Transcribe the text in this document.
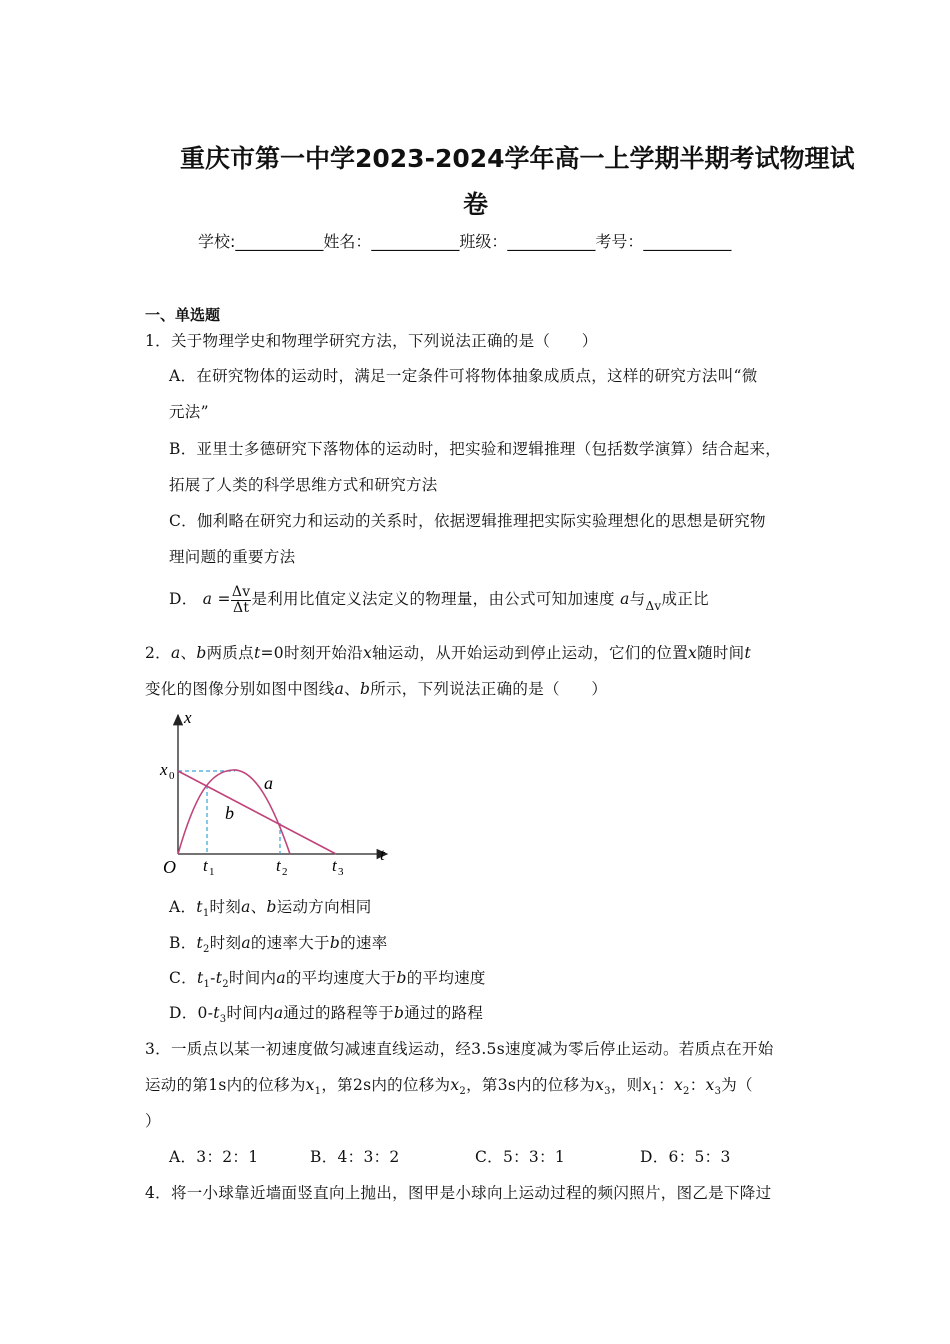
重庆市第一中学2023-2024学年高一上学期半期考试物理试
卷
学校:___________姓名：___________班级：___________考号：___________
一、单选题
1．关于物理学史和物理学研究方法，下列说法正确的是（　　）
A．在研究物体的运动时，满足一定条件可将物体抽象成质点，这样的研究方法叫“微
元法”
B．亚里士多德研究下落物体的运动时，把实验和逻辑推理（包括数学演算）结合起来，
拓展了人类的科学思维方式和研究方法
C．伽利略在研究力和运动的关系时，依据逻辑推理把实际实验理想化的思想是研究物
理问题的重要方法
D． $a = \frac{\Delta v}{\Delta t}$ 是利用比值定义法定义的物理量，由公式可知加速度 a与$_{\Delta v}$成正比
2．a、b两质点t=0时刻开始沿x轴运动，从开始运动到停止运动，它们的位置x随时间t
变化的图像分别如图中图线a、b所示，下列说法正确的是（　　）
x
t
O
x 0
t 1	t 2	t 3
a
b
A．$t_1$时刻a、b运动方向相同
B．$t_2$时刻a的速率大于b的速率
C．$t_1-t_2$时间内a的平均速度大于b的平均速度
D．$0-t_3$时间内a通过的路程等于b通过的路程
3．一质点以某一初速度做匀减速直线运动，经3.5s速度减为零后停止运动。若质点在开始
运动的第1s内的位移为$x_1$，第2s内的位移为$x_2$，第3s内的位移为$x_3$，则$x_1$：$x_2$：$x_3$为（
）
A．3：2：1	B．4：3：2	C．5：3：1	D．6：5：3
4．将一小球靠近墙面竖直向上抛出，图甲是小球向上运动过程的频闪照片，图乙是下降过
